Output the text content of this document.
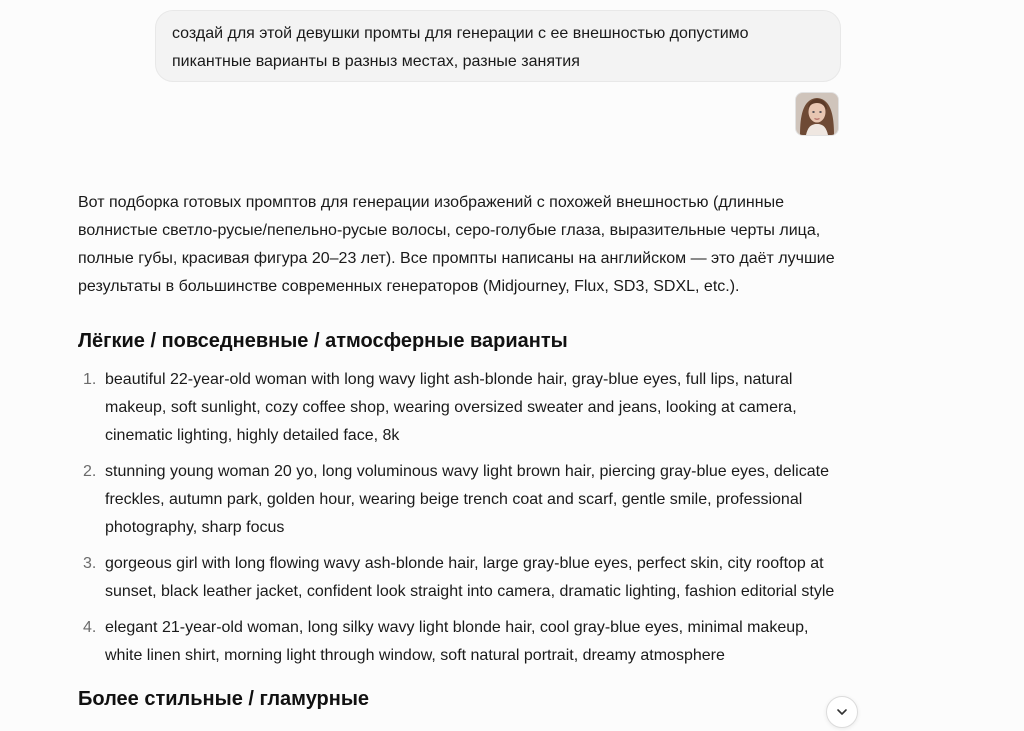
создай для этой девушки промты для генерации с ее внешностью допустимо пикантные варианты в разныз местах, разные занятия

Вот подборка готовых промптов для генерации изображений с похожей внешностью (длинные волнистые светло-русые/пепельно-русые волосы, серо-голубые глаза, выразительные черты лица, полные губы, красивая фигура 20–23 лет). Все промпты написаны на английском — это даёт лучшие результаты в большинстве современных генераторов (Midjourney, Flux, SD3, SDXL, etc.).

Лёгкие / повседневные / атмосферные варианты
1. beautiful 22-year-old woman with long wavy light ash-blonde hair, gray-blue eyes, full lips, natural makeup, soft sunlight, cozy coffee shop, wearing oversized sweater and jeans, looking at camera, cinematic lighting, highly detailed face, 8k
2. stunning young woman 20 yo, long voluminous wavy light brown hair, piercing gray-blue eyes, delicate freckles, autumn park, golden hour, wearing beige trench coat and scarf, gentle smile, professional photography, sharp focus
3. gorgeous girl with long flowing wavy ash-blonde hair, large gray-blue eyes, perfect skin, city rooftop at sunset, black leather jacket, confident look straight into camera, dramatic lighting, fashion editorial style
4. elegant 21-year-old woman, long silky wavy light blonde hair, cool gray-blue eyes, minimal makeup, white linen shirt, morning light through window, soft natural portrait, dreamy atmosphere
Более стильные / гламурные
